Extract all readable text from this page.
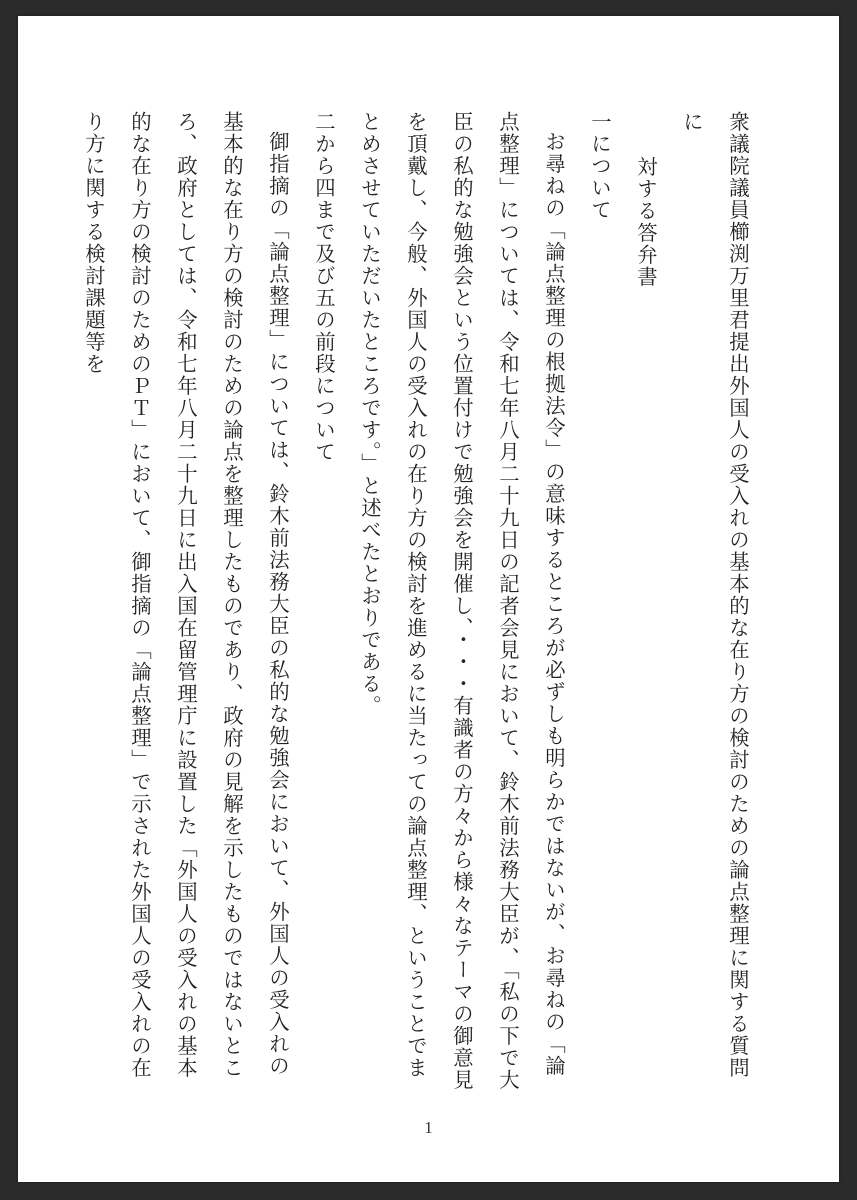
衆議院議員櫛渕万里君提出外国人の受入れの基本的な在り方の検討のための論点整理に関する質問に

対する答弁書

一について

お尋ねの「論点整理の根拠法令」の意味するところが必ずしも明らかではないが、お尋ねの「論点整理」については、令和七年八月二十九日の記者会見において、鈴木前法務大臣が、「私の下で大臣の私的な勉強会という位置付けで勉強会を開催し、・・・有識者の方々から様々なテーマの御意見を頂戴し、今般、外国人の受入れの在り方の検討を進めるに当たっての論点整理、ということでまとめさせていただいたところです。」と述べたとおりである。

二から四まで及び五の前段について

御指摘の「論点整理」については、鈴木前法務大臣の私的な勉強会において、外国人の受入れの基本的な在り方の検討のための論点を整理したものであり、政府の見解を示したものではないところ、政府としては、令和七年八月二十九日に出入国在留管理庁に設置した「外国人の受入れの基本的な在り方の検討のためのＰＴ」において、御指摘の「論点整理」で示された外国人の受入れの在り方に関する検討課題等を

1
